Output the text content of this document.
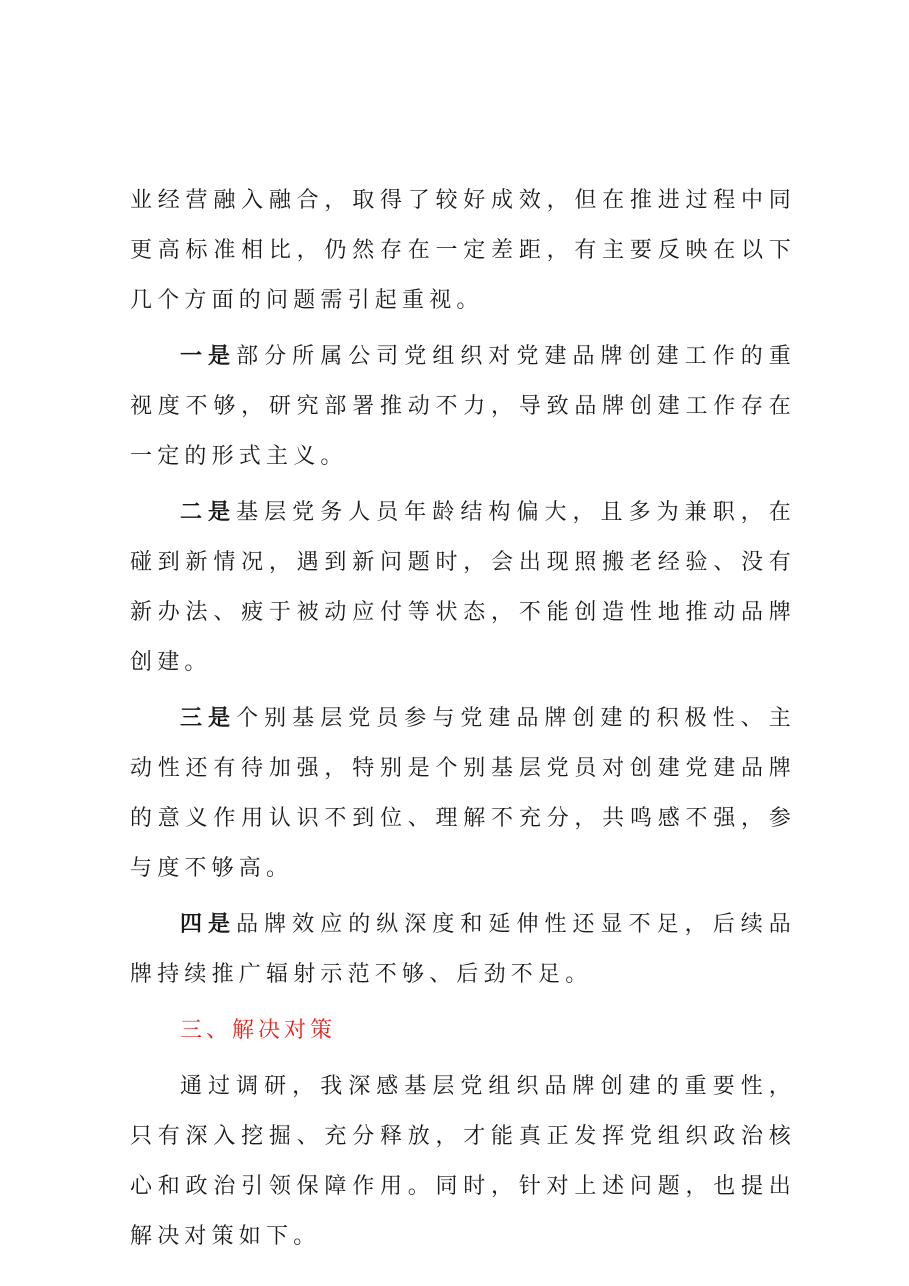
业经营融入融合，取得了较好成效，但在推进过程中同更高标准相比，仍然存在一定差距，有主要反映在以下几个方面的问题需引起重视。

一是部分所属公司党组织对党建品牌创建工作的重视度不够，研究部署推动不力，导致品牌创建工作存在一定的形式主义。

二是基层党务人员年龄结构偏大，且多为兼职，在碰到新情况，遇到新问题时，会出现照搬老经验、没有新办法、疲于被动应付等状态，不能创造性地推动品牌创建。

三是个别基层党员参与党建品牌创建的积极性、主动性还有待加强，特别是个别基层党员对创建党建品牌的意义作用认识不到位、理解不充分，共鸣感不强，参与度不够高。

四是品牌效应的纵深度和延伸性还显不足，后续品牌持续推广辐射示范不够、后劲不足。

三、解决对策

通过调研，我深感基层党组织品牌创建的重要性，只有深入挖掘、充分释放，才能真正发挥党组织政治核心和政治引领保障作用。同时，针对上述问题，也提出解决对策如下。
